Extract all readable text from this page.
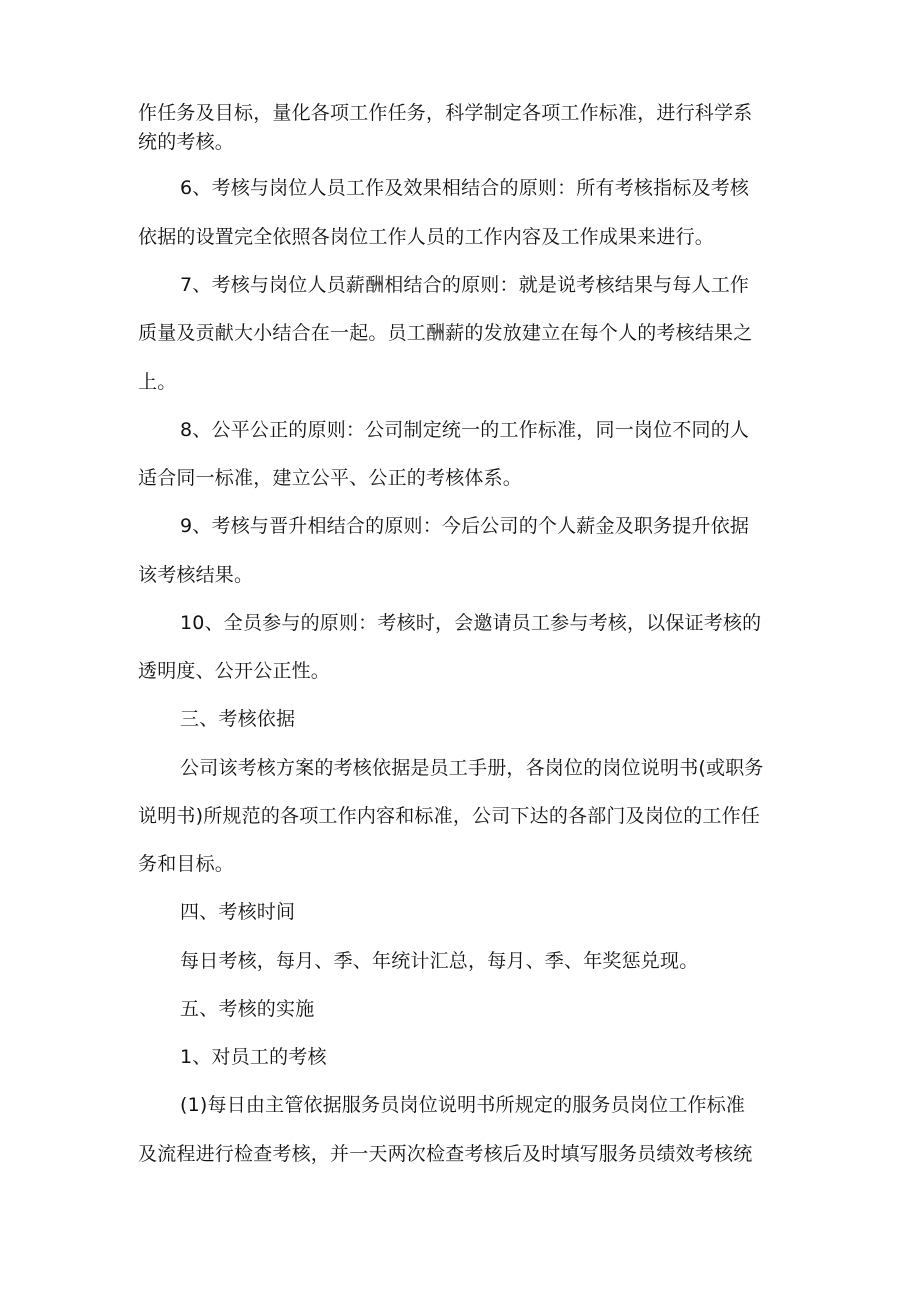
作任务及目标，量化各项工作任务，科学制定各项工作标准，进行科学系
统的考核。
6、考核与岗位人员工作及效果相结合的原则：所有考核指标及考核
依据的设置完全依照各岗位工作人员的工作内容及工作成果来进行。
7、考核与岗位人员薪酬相结合的原则：就是说考核结果与每人工作
质量及贡献大小结合在一起。员工酬薪的发放建立在每个人的考核结果之
上。
8、公平公正的原则：公司制定统一的工作标准，同一岗位不同的人
适合同一标准，建立公平、公正的考核体系。
9、考核与晋升相结合的原则：今后公司的个人薪金及职务提升依据
该考核结果。
10、全员参与的原则：考核时，会邀请员工参与考核，以保证考核的
透明度、公开公正性。
三、考核依据
公司该考核方案的考核依据是员工手册，各岗位的岗位说明书(或职务
说明书)所规范的各项工作内容和标准，公司下达的各部门及岗位的工作任
务和目标。
四、考核时间
每日考核，每月、季、年统计汇总，每月、季、年奖惩兑现。
五、考核的实施
1、对员工的考核
(1)每日由主管依据服务员岗位说明书所规定的服务员岗位工作标准
及流程进行检查考核，并一天两次检查考核后及时填写服务员绩效考核统
